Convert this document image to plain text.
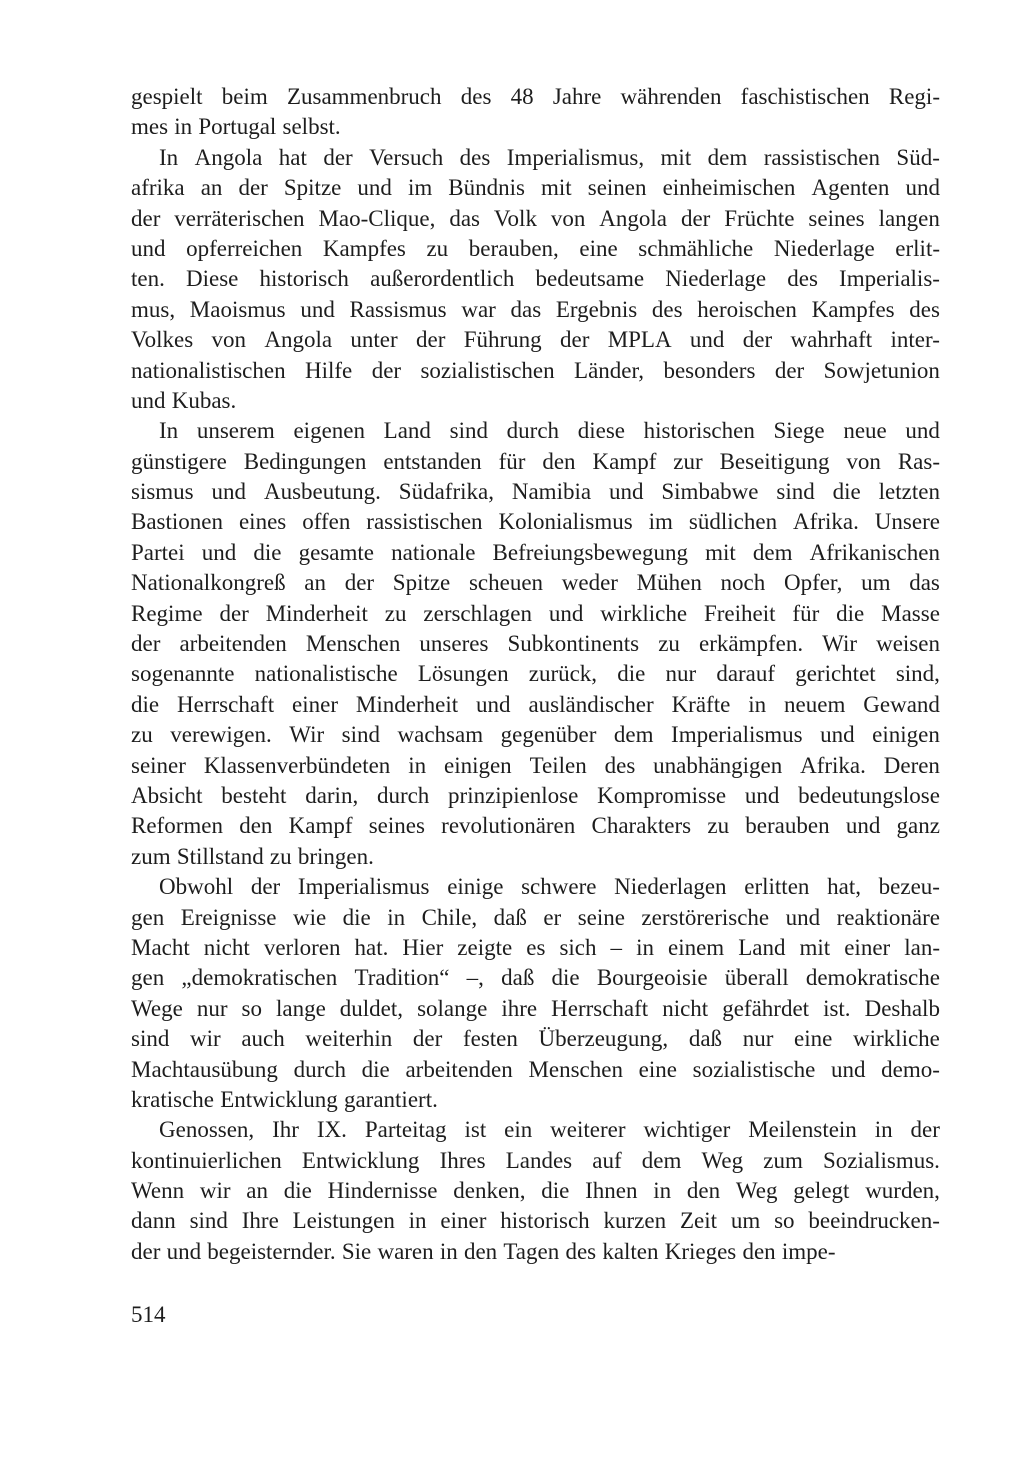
gespielt beim Zusammenbruch des 48 Jahre währenden faschistischen Regi-
mes in Portugal selbst.
In Angola hat der Versuch des Imperialismus, mit dem rassistischen Süd-
afrika an der Spitze und im Bündnis mit seinen einheimischen Agenten und
der verräterischen Mao-Clique, das Volk von Angola der Früchte seines langen
und opferreichen Kampfes zu berauben, eine schmähliche Niederlage erlit-
ten. Diese historisch außerordentlich bedeutsame Niederlage des Imperialis-
mus, Maoismus und Rassismus war das Ergebnis des heroischen Kampfes des
Volkes von Angola unter der Führung der MPLA und der wahrhaft inter-
nationalistischen Hilfe der sozialistischen Länder, besonders der Sowjetunion
und Kubas.
In unserem eigenen Land sind durch diese historischen Siege neue und
günstigere Bedingungen entstanden für den Kampf zur Beseitigung von Ras-
sismus und Ausbeutung. Südafrika, Namibia und Simbabwe sind die letzten
Bastionen eines offen rassistischen Kolonialismus im südlichen Afrika. Unsere
Partei und die gesamte nationale Befreiungsbewegung mit dem Afrikanischen
Nationalkongreß an der Spitze scheuen weder Mühen noch Opfer, um das
Regime der Minderheit zu zerschlagen und wirkliche Freiheit für die Masse
der arbeitenden Menschen unseres Subkontinents zu erkämpfen. Wir weisen
sogenannte nationalistische Lösungen zurück, die nur darauf gerichtet sind,
die Herrschaft einer Minderheit und ausländischer Kräfte in neuem Gewand
zu verewigen. Wir sind wachsam gegenüber dem Imperialismus und einigen
seiner Klassenverbündeten in einigen Teilen des unabhängigen Afrika. Deren
Absicht besteht darin, durch prinzipienlose Kompromisse und bedeutungslose
Reformen den Kampf seines revolutionären Charakters zu berauben und ganz
zum Stillstand zu bringen.
Obwohl der Imperialismus einige schwere Niederlagen erlitten hat, bezeu-
gen Ereignisse wie die in Chile, daß er seine zerstörerische und reaktionäre
Macht nicht verloren hat. Hier zeigte es sich – in einem Land mit einer lan-
gen „demokratischen Tradition“ –, daß die Bourgeoisie überall demokratische
Wege nur so lange duldet, solange ihre Herrschaft nicht gefährdet ist. Deshalb
sind wir auch weiterhin der festen Überzeugung, daß nur eine wirkliche
Machtausübung durch die arbeitenden Menschen eine sozialistische und demo-
kratische Entwicklung garantiert.
Genossen, Ihr IX. Parteitag ist ein weiterer wichtiger Meilenstein in der
kontinuierlichen Entwicklung Ihres Landes auf dem Weg zum Sozialismus.
Wenn wir an die Hindernisse denken, die Ihnen in den Weg gelegt wurden,
dann sind Ihre Leistungen in einer historisch kurzen Zeit um so beeindrucken-
der und begeisternder. Sie waren in den Tagen des kalten Krieges den impe-
514
